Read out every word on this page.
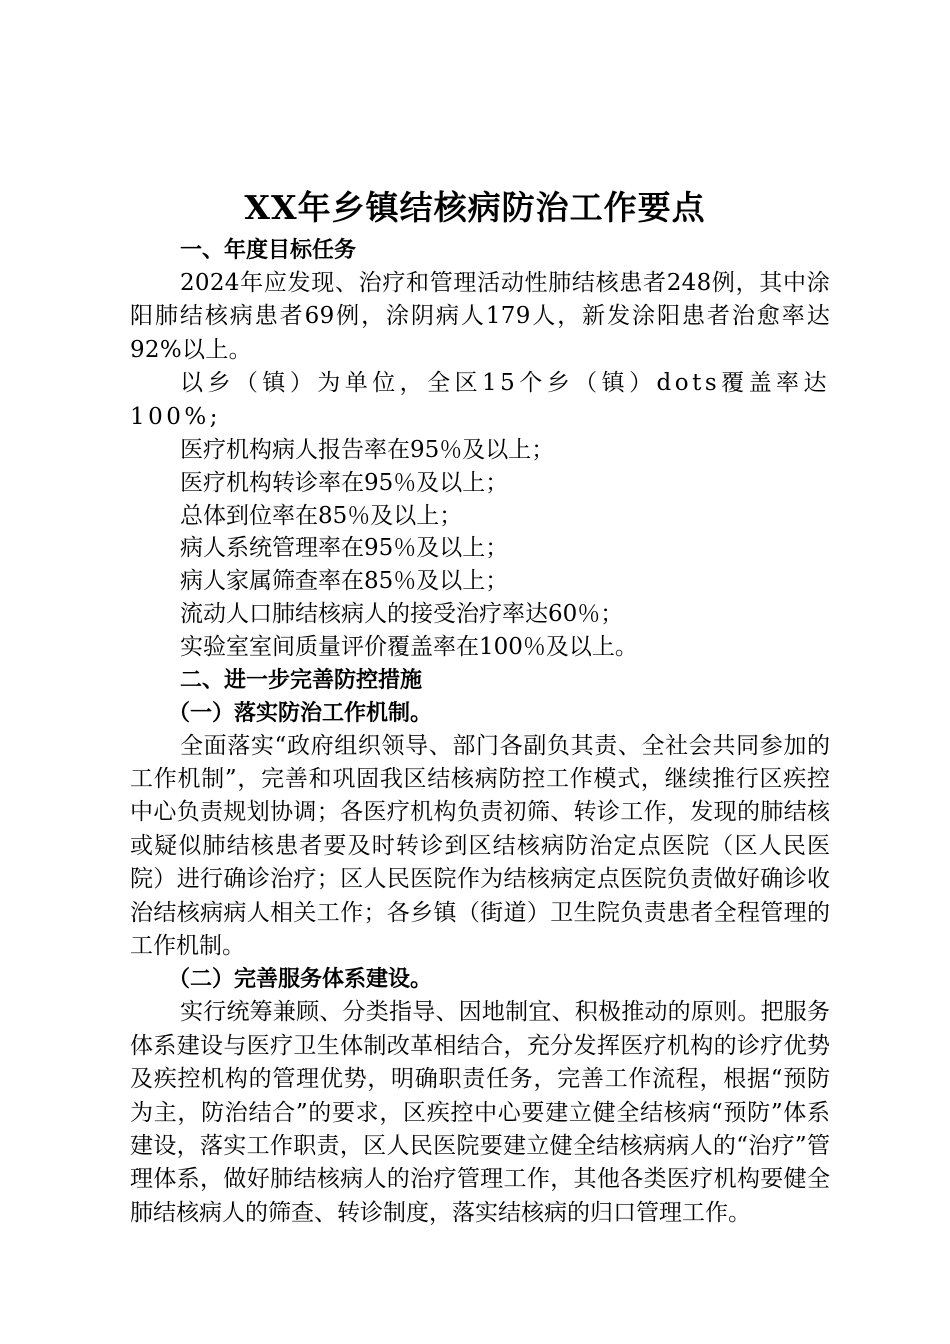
XX年乡镇结核病防治工作要点

一、年度目标任务

2024年应发现、治疗和管理活动性肺结核患者248例，其中涂阳肺结核病患者69例，涂阴病人179人，新发涂阳患者治愈率达92%以上。

以乡（镇）为单位，全区15个乡（镇）dots覆盖率达100%;

医疗机构病人报告率在95％及以上；

医疗机构转诊率在95％及以上；

总体到位率在85％及以上；

病人系统管理率在95％及以上；

病人家属筛查率在85％及以上；

流动人口肺结核病人的接受治疗率达60％；

实验室室间质量评价覆盖率在100％及以上。

二、进一步完善防控措施

（一）落实防治工作机制。

全面落实“政府组织领导、部门各副负其责、全社会共同参加的工作机制”，完善和巩固我区结核病防控工作模式，继续推行区疾控中心负责规划协调；各医疗机构负责初筛、转诊工作，发现的肺结核或疑似肺结核患者要及时转诊到区结核病防治定点医院（区人民医院）进行确诊治疗；区人民医院作为结核病定点医院负责做好确诊收治结核病病人相关工作；各乡镇（街道）卫生院负责患者全程管理的工作机制。

（二）完善服务体系建设。

实行统筹兼顾、分类指导、因地制宜、积极推动的原则。把服务体系建设与医疗卫生体制改革相结合，充分发挥医疗机构的诊疗优势及疾控机构的管理优势，明确职责任务，完善工作流程，根据“预防为主，防治结合”的要求，区疾控中心要建立健全结核病“预防”体系建设，落实工作职责，区人民医院要建立健全结核病病人的“治疗”管理体系，做好肺结核病人的治疗管理工作，其他各类医疗机构要健全肺结核病人的筛查、转诊制度，落实结核病的归口管理工作。
